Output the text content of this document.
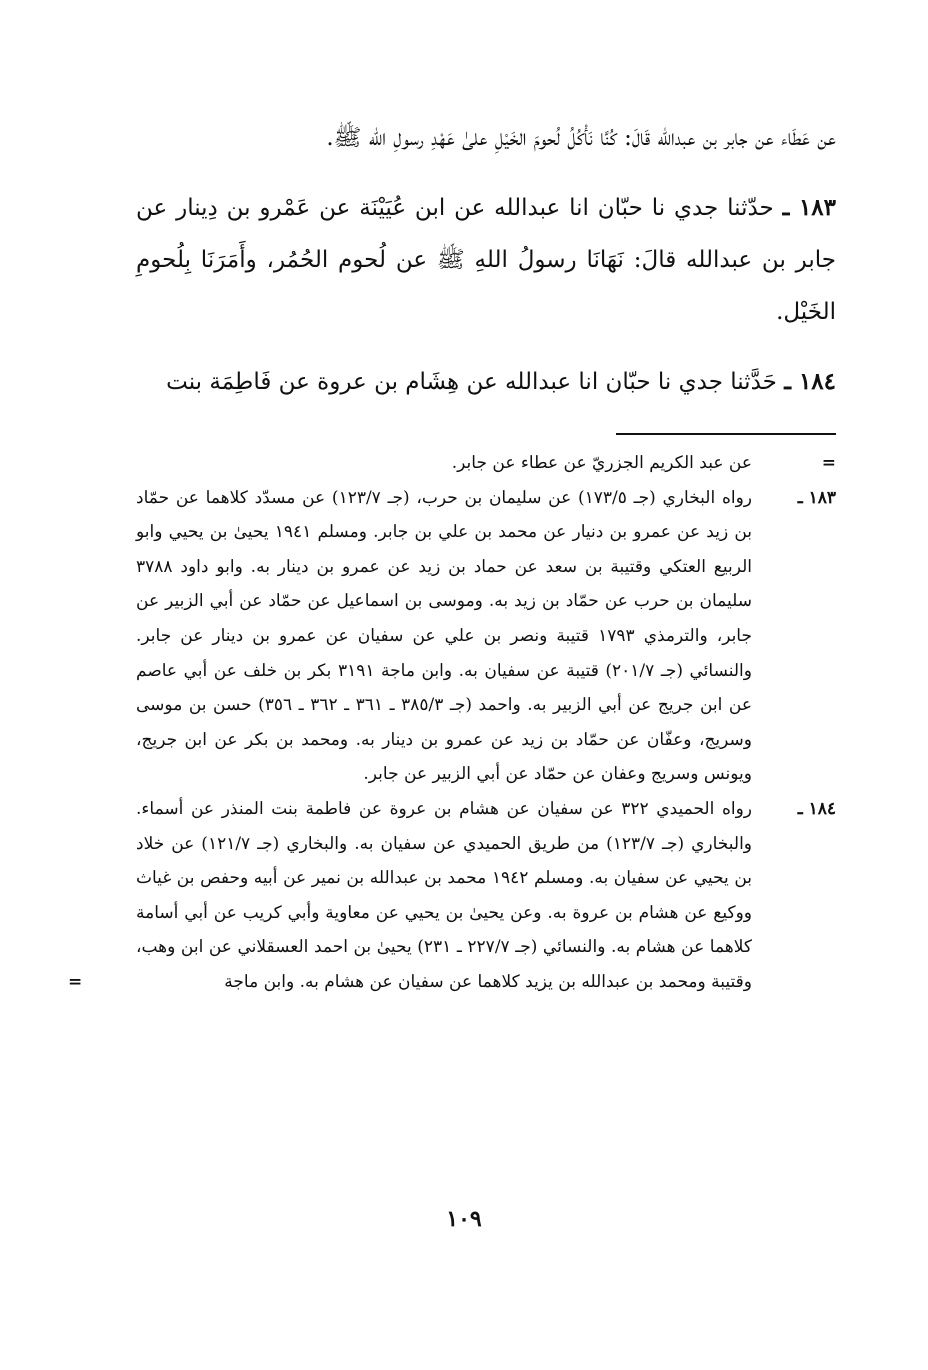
عن عَطَاء عن جابر بن عبدالله قَالَ: كُنَّا نَأْكُلُ لُحومَ الخَيْلِ علىٰ عَهْدِ رسولِ الله ﷺ.

١٨٣ ـ حدّثنا جدي نا حبّان انا عبدالله عن ابن عُيَيْنَة عن عَمْرو بن دِينار عن جابر بن عبدالله قالَ: نَهَانَا رسولُ اللهِ ﷺ عن لُحوم الحُمُر، وأَمَرَنَا بِلُحومِ الخَيْل.

١٨٤ ـ حَدَّثنا جدي نا حبّان انا عبدالله عن هِشَام بن عروة عن فَاطِمَة بنت

=
عن عبد الكريم الجزريّ عن عطاء عن جابر.
١٨٣ ـ
رواه البخاري (جـ ١٧٣/٥) عن سليمان بن حرب، (جـ ١٢٣/٧) عن مسدّد كلاهما عن حمّاد بن زيد عن عمرو بن دنيار عن محمد بن علي بن جابر. ومسلم ١٩٤١ يحيىٰ بن يحيي وابو الربيع العتكي وقتيبة بن سعد عن حماد بن زيد عن عمرو بن دينار به. وابو داود ٣٧٨٨ سليمان بن حرب عن حمّاد بن زيد به. وموسى بن اسماعيل عن حمّاد عن أبي الزبير عن جابر، والترمذي ١٧٩٣ قتيبة ونصر بن علي عن سفيان عن عمرو بن دينار عن جابر. والنسائي (جـ ٢٠١/٧) قتيبة عن سفيان به. وابن ماجة ٣١٩١ بكر بن خلف عن أبي عاصم عن ابن جريج عن أبي الزبير به. واحمد (جـ ٣٨٥/٣ ـ ٣٦١ ـ ٣٦٢ ـ ٣٥٦) حسن بن موسى وسريج، وعفّان عن حمّاد بن زيد عن عمرو بن دينار به. ومحمد بن بكر عن ابن جريج، ويونس وسريج وعفان عن حمّاد عن أبي الزبير عن جابر.
١٨٤ ـ
رواه الحميدي ٣٢٢ عن سفيان عن هشام بن عروة عن فاطمة بنت المنذر عن أسماء. والبخاري (جـ ١٢٣/٧) من طريق الحميدي عن سفيان به. والبخاري (جـ ١٢١/٧) عن خلاد بن يحيي عن سفيان به. ومسلم ١٩٤٢ محمد بن عبدالله بن نمير عن أبيه وحفص بن غياث ووكيع عن هشام بن عروة به. وعن يحيىٰ بن يحيي عن معاوية وأبي كريب عن أبي أسامة كلاهما عن هشام به. والنسائي (جـ ٢٢٧/٧ ـ ٢٣١) يحيىٰ بن احمد العسقلاني عن ابن وهب، وقتيبة ومحمد بن عبدالله بن يزيد كلاهما عن سفيان عن هشام به. وابن ماجة
=
١٠٩
